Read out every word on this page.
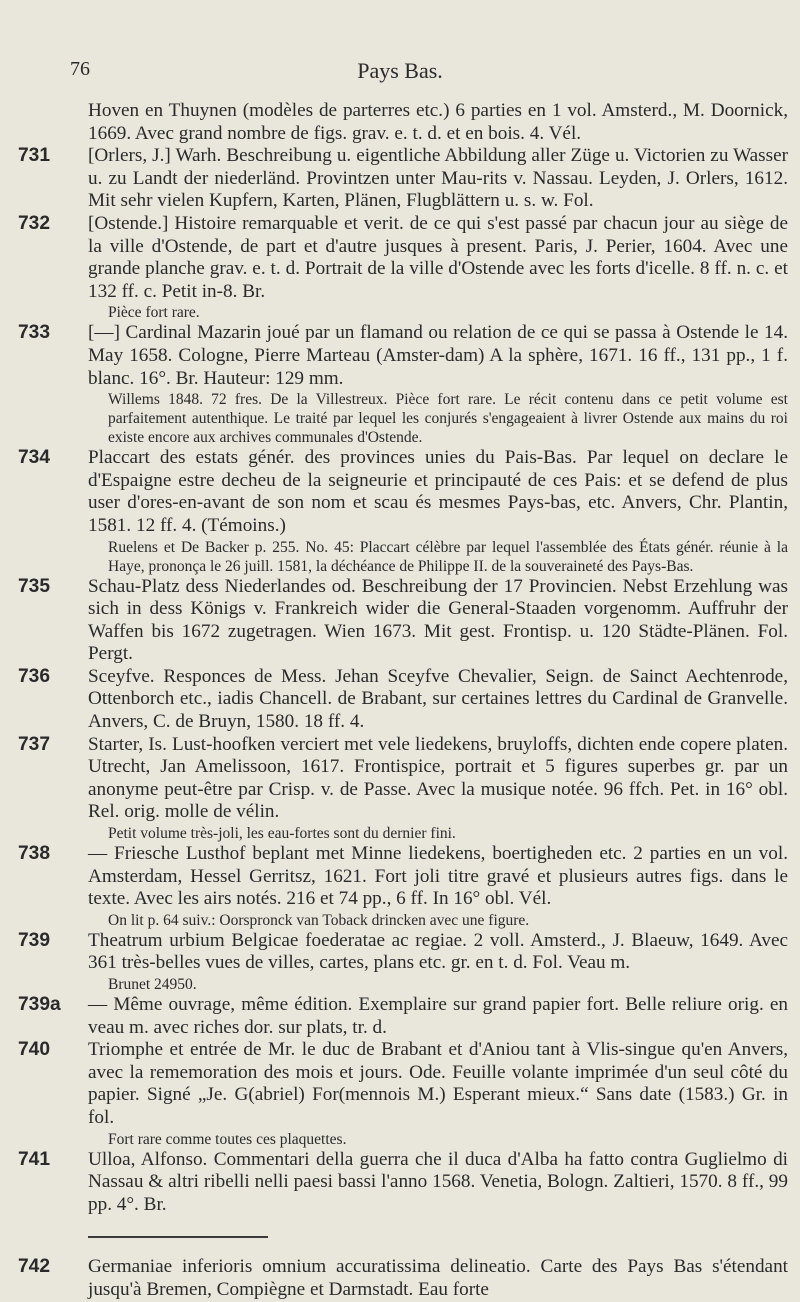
76	Pays Bas.
Hoven en Thuynen (modèles de parterres etc.) 6 parties en 1 vol. Amsterd., M. Doornick, 1669. Avec grand nombre de figs. grav. e. t. d. et en bois. 4. Vél.
731	[Orlers, J.] Warh. Beschreibung u. eigentliche Abbildung aller Züge u. Victorien zu Wasser u. zu Landt der niederländ. Provintzen unter Mau-rits v. Nassau. Leyden, J. Orlers, 1612. Mit sehr vielen Kupfern, Karten, Plänen, Flugblättern u. s. w. Fol.
732	[Ostende.] Histoire remarquable et verit. de ce qui s'est passé par chacun jour au siège de la ville d'Ostende, de part et d'autre jusques à present. Paris, J. Perier, 1604. Avec une grande planche grav. e. t. d. Portrait de la ville d'Ostende avec les forts d'icelle. 8 ff. n. c. et 132 ff. c. Petit in-8. Br.
Pièce fort rare.
733	[—] Cardinal Mazarin joué par un flamand ou relation de ce qui se passa à Ostende le 14. May 1658. Cologne, Pierre Marteau (Amster-dam) A la sphère, 1671. 16 ff., 131 pp., 1 f. blanc. 16°. Br. Hauteur: 129 mm.
Willems 1848. 72 fres. De la Villestreux. Pièce fort rare. Le récit contenu dans ce petit volume est parfaitement autenthique. Le traité par lequel les conjurés s'engageaient à livrer Ostende aux mains du roi existe encore aux archives communales d'Ostende.
734	Placcart des estats génér. des provinces unies du Pais-Bas. Par lequel on declare le d'Espaigne estre decheu de la seigneurie et principauté de ces Pais: et se defend de plus user d'ores-en-avant de son nom et scau és mesmes Pays-bas, etc. Anvers, Chr. Plantin, 1581. 12 ff. 4. (Témoins.)
Ruelens et De Backer p. 255. No. 45: Placcart célèbre par lequel l'assemblée des États génér. réunie à la Haye, prononça le 26 juill. 1581, la déchéance de Philippe II. de la souveraineté des Pays-Bas.
735	Schau-Platz dess Niederlandes od. Beschreibung der 17 Provincien. Nebst Erzehlung was sich in dess Königs v. Frankreich wider die General-Staaden vorgenomm. Auffruhr der Waffen bis 1672 zugetragen. Wien 1673. Mit gest. Frontisp. u. 120 Städte-Plänen. Fol. Pergt.
736	Sceyfve. Responces de Mess. Jehan Sceyfve Chevalier, Seign. de Sainct Aechtenrode, Ottenborch etc., iadis Chancell. de Brabant, sur certaines lettres du Cardinal de Granvelle. Anvers, C. de Bruyn, 1580. 18 ff. 4.
737	Starter, Is. Lust-hoofken verciert met vele liedekens, bruyloffs, dichten ende copere platen. Utrecht, Jan Amelissoon, 1617. Frontispice, portrait et 5 figures superbes gr. par un anonyme peut-être par Crisp. v. de Passe. Avec la musique notée. 96 ffch. Pet. in 16° obl. Rel. orig. molle de vélin.
Petit volume très-joli, les eau-fortes sont du dernier fini.
738	— Friesche Lusthof beplant met Minne liedekens, boertigheden etc. 2 parties en un vol. Amsterdam, Hessel Gerritsz, 1621. Fort joli titre gravé et plusieurs autres figs. dans le texte. Avec les airs notés. 216 et 74 pp., 6 ff. In 16° obl. Vél.
On lit p. 64 suiv.: Oorspronck van Toback drincken avec une figure.
739	Theatrum urbium Belgicae foederatae ac regiae. 2 voll. Amsterd., J. Blaeuw, 1649. Avec 361 très-belles vues de villes, cartes, plans etc. gr. en t. d. Fol. Veau m.
Brunet 24950.
739a	— Même ouvrage, même édition. Exemplaire sur grand papier fort. Belle reliure orig. en veau m. avec riches dor. sur plats, tr. d.
740	Triomphe et entrée de Mr. le duc de Brabant et d'Aniou tant à Vlis-singue qu'en Anvers, avec la rememoration des mois et jours. Ode. Feuille volante imprimée d'un seul côté du papier. Signé „Je. G(abriel) For(mennois M.) Esperant mieux.“ Sans date (1583.) Gr. in fol.
Fort rare comme toutes ces plaquettes.
741	Ulloa, Alfonso. Commentari della guerra che il duca d'Alba ha fatto contra Guglielmo di Nassau & altri ribelli nelli paesi bassi l'anno 1568. Venetia, Bologn. Zaltieri, 1570. 8 ff., 99 pp. 4°. Br.
742	Germaniae inferioris omnium accuratissima delineatio. Carte des Pays Bas s'étendant jusqu'à Bremen, Compiègne et Darmstadt. Eau forte
